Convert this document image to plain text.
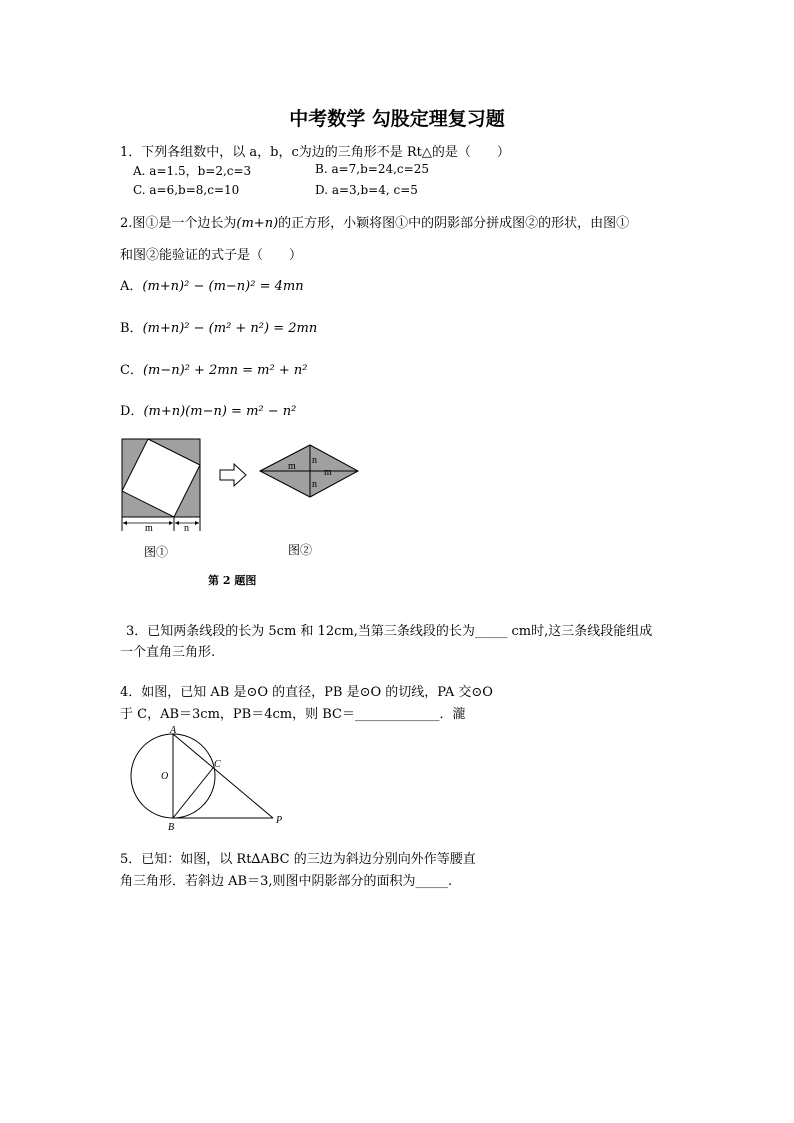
中考数学 勾股定理复习题
1．下列各组数中，以 a，b，c为边的三角形不是 Rt△的是（　　）
A. a=1.5，b=2,c=3	B. a=7,b=24,c=25
C. a=6,b=8,c=10	D. a=3,b=4, c=5
2.图①是一个边长为(m+n)的正方形，小颖将图①中的阴影部分拼成图②的形状，由图①
和图②能验证的式子是（　　）
A．(m+n)² − (m−n)² = 4mn
B．(m+n)² − (m² + n²) = 2mn
C．(m−n)² + 2mn = m² + n²
D．(m+n)(m−n) = m² − n²
m	n
m
m
n
n
图①	图②
第 2 题图
3．已知两条线段的长为 5cm 和 12cm,当第三条线段的长为_____ cm时,这三条线段能组成
一个直角三角形.
4．如图，已知 AB 是⊙O 的直径，PB 是⊙O 的切线，PA 交⊙O
于 C，AB＝3cm，PB＝4cm，则 BC＝_____________．瀧
A
O
C
B
P
5．已知：如图，以 Rt∆ABC 的三边为斜边分别向外作等腰直
角三角形．若斜边 AB＝3,则图中阴影部分的面积为_____.
